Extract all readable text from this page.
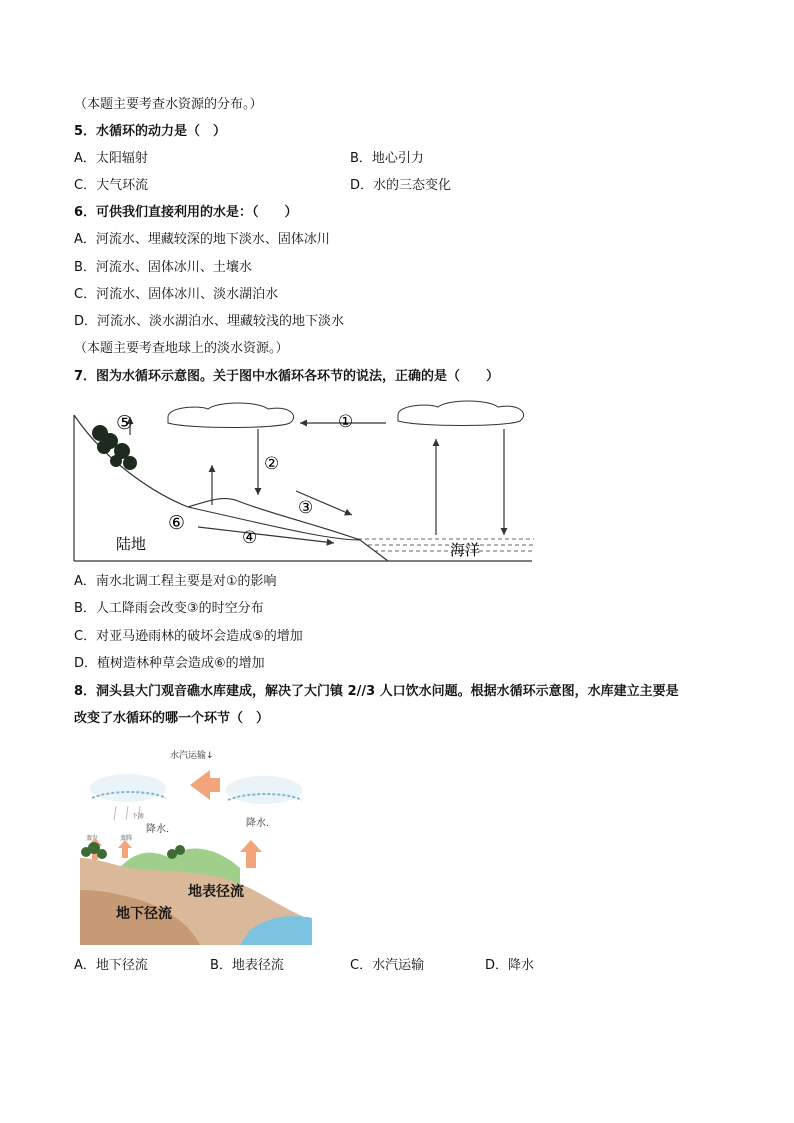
（本题主要考查水资源的分布。）
5．水循环的动力是（　）
A．太阳辐射	B．地心引力
C．大气环流	D．水的三态变化
6．可供我们直接利用的水是：（　　）
A．河流水、埋藏较深的地下淡水、固体冰川
B．河流水、固体冰川、土壤水
C．河流水、固体冰川、淡水湖泊水
D．河流水、淡水湖泊水、埋藏较浅的地下淡水
（本题主要考查地球上的淡水资源。）
7．图为水循环示意图。关于图中水循环各环节的说法，正确的是（　　）
①
②
③
④
⑤
⑥
陆地	海洋
A．南水北调工程主要是对①的影响
B．人工降雨会改变③的时空分布
C．对亚马逊雨林的破坏会造成⑤的增加
D．植树造林种草会造成⑥的增加
8．洞头县大门观音礁水库建成，解决了大门镇 2//3 人口饮水问题。根据水循环示意图，水库建立主要是
改变了水循环的哪一个环节（　）
水汽运输↓
降水.
降水.
蒸发	蒸腾
下渗
地表径流
地下径流
A．地下径流	B．地表径流	C．水汽运输	D．降水
